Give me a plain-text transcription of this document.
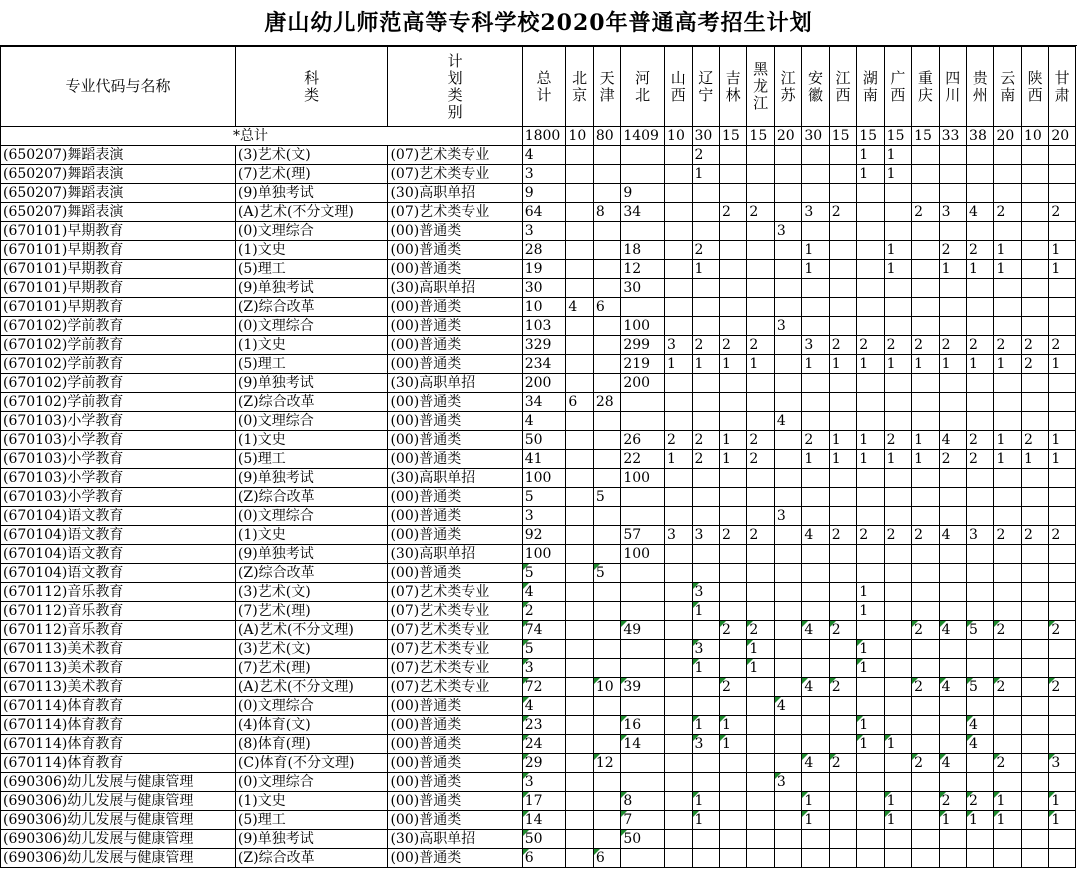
唐山幼儿师范高等专科学校2020年普通高考招生计划
专业代码与名称	科类	计划类别	总计	北京	天津	河北	山西	辽宁	吉林	黑龙江	江苏	安徽	江西	湖南	广西	重庆	四川	贵州	云南	陕西	甘肃
*总计			1800	10	80	1409	10	30	15	15	20	30	15	15	15	15	33	38	20	10	20
(650207)舞蹈表演	(3)艺术(文)	(07)艺术类专业	4					2						1	1						
(650207)舞蹈表演	(7)艺术(理)	(07)艺术类专业	3					1						1	1						
(650207)舞蹈表演	(9)单独考试	(30)高职单招	9			9															
(650207)舞蹈表演	(A)艺术(不分文理)	(07)艺术类专业	64		8	34			2	2		3	2			2	3	4	2		2
(670101)早期教育	(0)文理综合	(00)普通类	3								3										
(670101)早期教育	(1)文史	(00)普通类	28			18		2				1			1		2	2	1		1
(670101)早期教育	(5)理工	(00)普通类	19			12		1				1			1		1	1	1		1
(670101)早期教育	(9)单独考试	(30)高职单招	30			30															
(670101)早期教育	(Z)综合改革	(00)普通类	10	4	6																
(670102)学前教育	(0)文理综合	(00)普通类	103			100					3										
(670102)学前教育	(1)文史	(00)普通类	329			299	3	2	2	2		3	2	2	2	2	2	2	2	2	2
(670102)学前教育	(5)理工	(00)普通类	234			219	1	1	1	1		1	1	1	1	1	1	1	1	2	1
(670102)学前教育	(9)单独考试	(30)高职单招	200			200															
(670102)学前教育	(Z)综合改革	(00)普通类	34	6	28																
(670103)小学教育	(0)文理综合	(00)普通类	4								4										
(670103)小学教育	(1)文史	(00)普通类	50			26	2	2	1	2		2	1	1	2	1	4	2	1	2	1
(670103)小学教育	(5)理工	(00)普通类	41			22	1	2	1	2		1	1	1	1	1	2	2	1	1	1
(670103)小学教育	(9)单独考试	(30)高职单招	100			100															
(670103)小学教育	(Z)综合改革	(00)普通类	5		5																
(670104)语文教育	(0)文理综合	(00)普通类	3								3										
(670104)语文教育	(1)文史	(00)普通类	92			57	3	3	2	2		4	2	2	2	2	4	3	2	2	2
(670104)语文教育	(9)单独考试	(30)高职单招	100			100															
(670104)语文教育	(Z)综合改革	(00)普通类	5		5

(670112)音乐教育	(3)艺术(文)	(07)艺术类专业	4					3						1							
(670112)音乐教育	(7)艺术(理)	(07)艺术类专业	2					1						1							
(670112)音乐教育	(A)艺术(不分文理)	(07)艺术类专业	74			49			2	2		4	2			2	4	5	2		2

(670113)美术教育	(3)艺术(文)	(07)艺术类专业	5					3		1				1

(670113)美术教育	(7)艺术(理)	(07)艺术类专业	3					1		1				1

(670113)美术教育	(A)艺术(不分文理)	(07)艺术类专业	72		10	39			2			4	2			2	4	5	2		2

(670114)体育教育	(0)文理综合	(00)普通类	4								4

(670114)体育教育	(4)体育(文)	(00)普通类	23			16		1	1					1				4

(670114)体育教育	(8)体育(理)	(00)普通类	24			14		3	1					1	1			4

(670114)体育教育	(C)体育(不分文理)	(00)普通类	29		12							4	2			2	4		2		3

(690306)幼儿发展与健康管理	(0)文理综合	(00)普通类	3								3

(690306)幼儿发展与健康管理	(1)文史	(00)普通类	17			8		1				1			1		2	2	1		1

(690306)幼儿发展与健康管理	(5)理工	(00)普通类	14			7		1				1			1		1	1	1		1

(690306)幼儿发展与健康管理	(9)单独考试	(30)高职单招	50			50

(690306)幼儿发展与健康管理	(Z)综合改革	(00)普通类	6		6
